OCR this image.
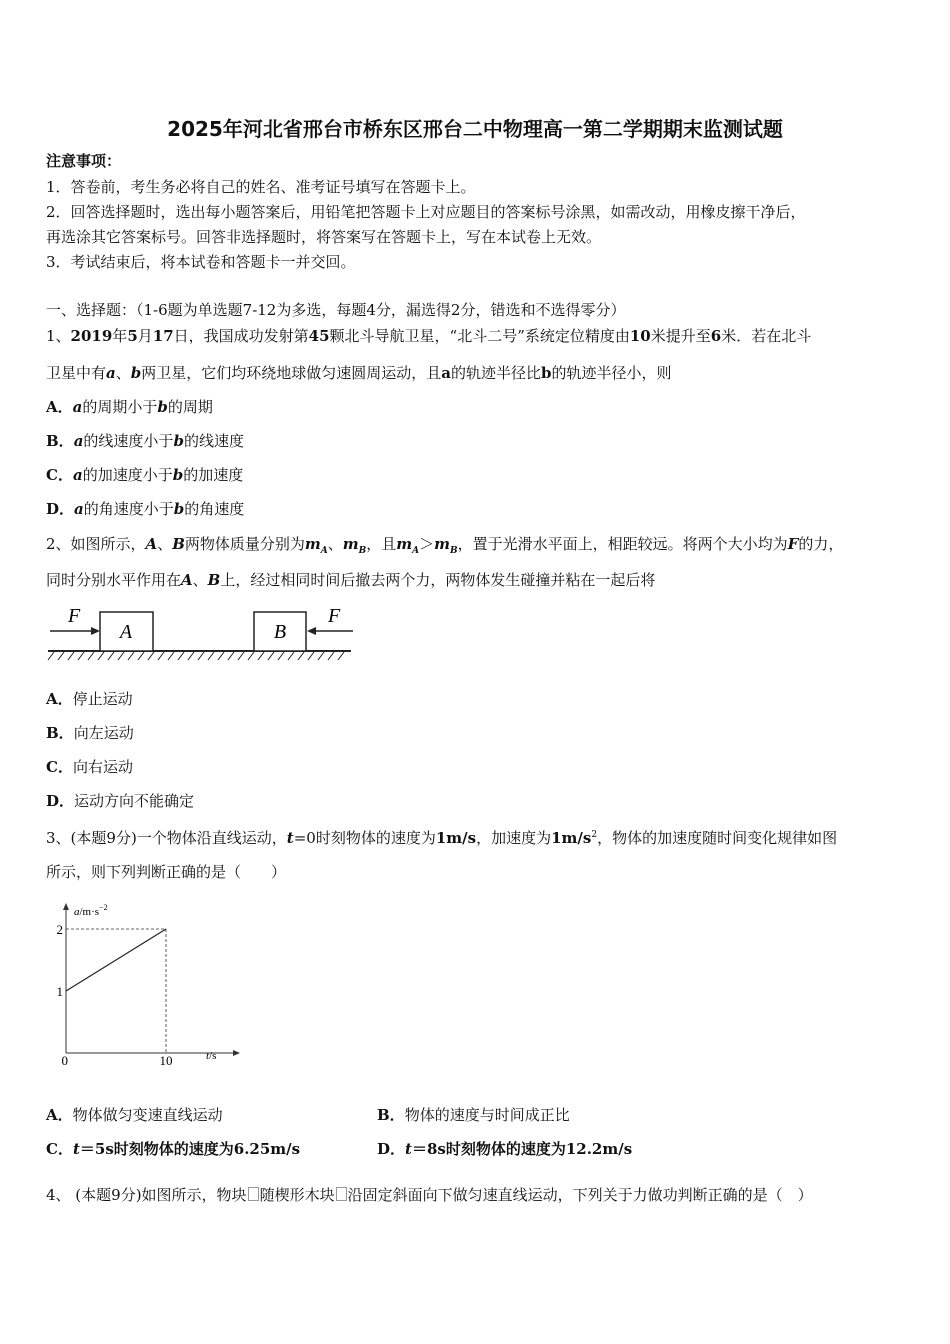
2025年河北省邢台市桥东区邢台二中物理高一第二学期期末监测试题
注意事项：
1．答卷前，考生务必将自己的姓名、准考证号填写在答题卡上。
2．回答选择题时，选出每小题答案后，用铅笔把答题卡上对应题目的答案标号涂黑，如需改动，用橡皮擦干净后，
再选涂其它答案标号。回答非选择题时，将答案写在答题卡上，写在本试卷上无效。
3．考试结束后，将本试卷和答题卡一并交回。
一、选择题：（1-6题为单选题7-12为多选，每题4分，漏选得2分，错选和不选得零分）
1、2019年5月17日，我国成功发射第45颗北斗导航卫星，“北斗二号”系统定位精度由10米提升至6米．若在北斗
卫星中有a、b两卫星，它们均环绕地球做匀速圆周运动，且a的轨迹半径比b的轨迹半径小，则
A．a的周期小于b的周期
B．a的线速度小于b的线速度
C．a的加速度小于b的加速度
D．a的角速度小于b的角速度
2、如图所示，A、B两物体质量分别为$m_A$、$m_B$，且$m_A>m_B$，置于光滑水平面上，相距较远。将两个大小均为F的力，
同时分别水平作用在A、B上，经过相同时间后撤去两个力，两物体发生碰撞并粘在一起后将
A	B
F	F
A．停止运动
B．向左运动
C．向右运动
D．运动方向不能确定
3、(本题9分)一个物体沿直线运动，t=0时刻物体的速度为1m/s，加速度为$1m/s^2$，物体的加速度随时间变化规律如图
所示，则下列判断正确的是（　　）
1
2
0	10
$a/m\cdot s^{-2}$
t/s
A．物体做匀变速直线运动	B．物体的速度与时间成正比
C．t＝5s时刻物体的速度为6.25m/s	D．t＝8s时刻物体的速度为12.2m/s
4、 (本题9分)如图所示，物块 随楔形木块 沿固定斜面向下做匀速直线运动，下列关于力做功判断正确的是（　）
